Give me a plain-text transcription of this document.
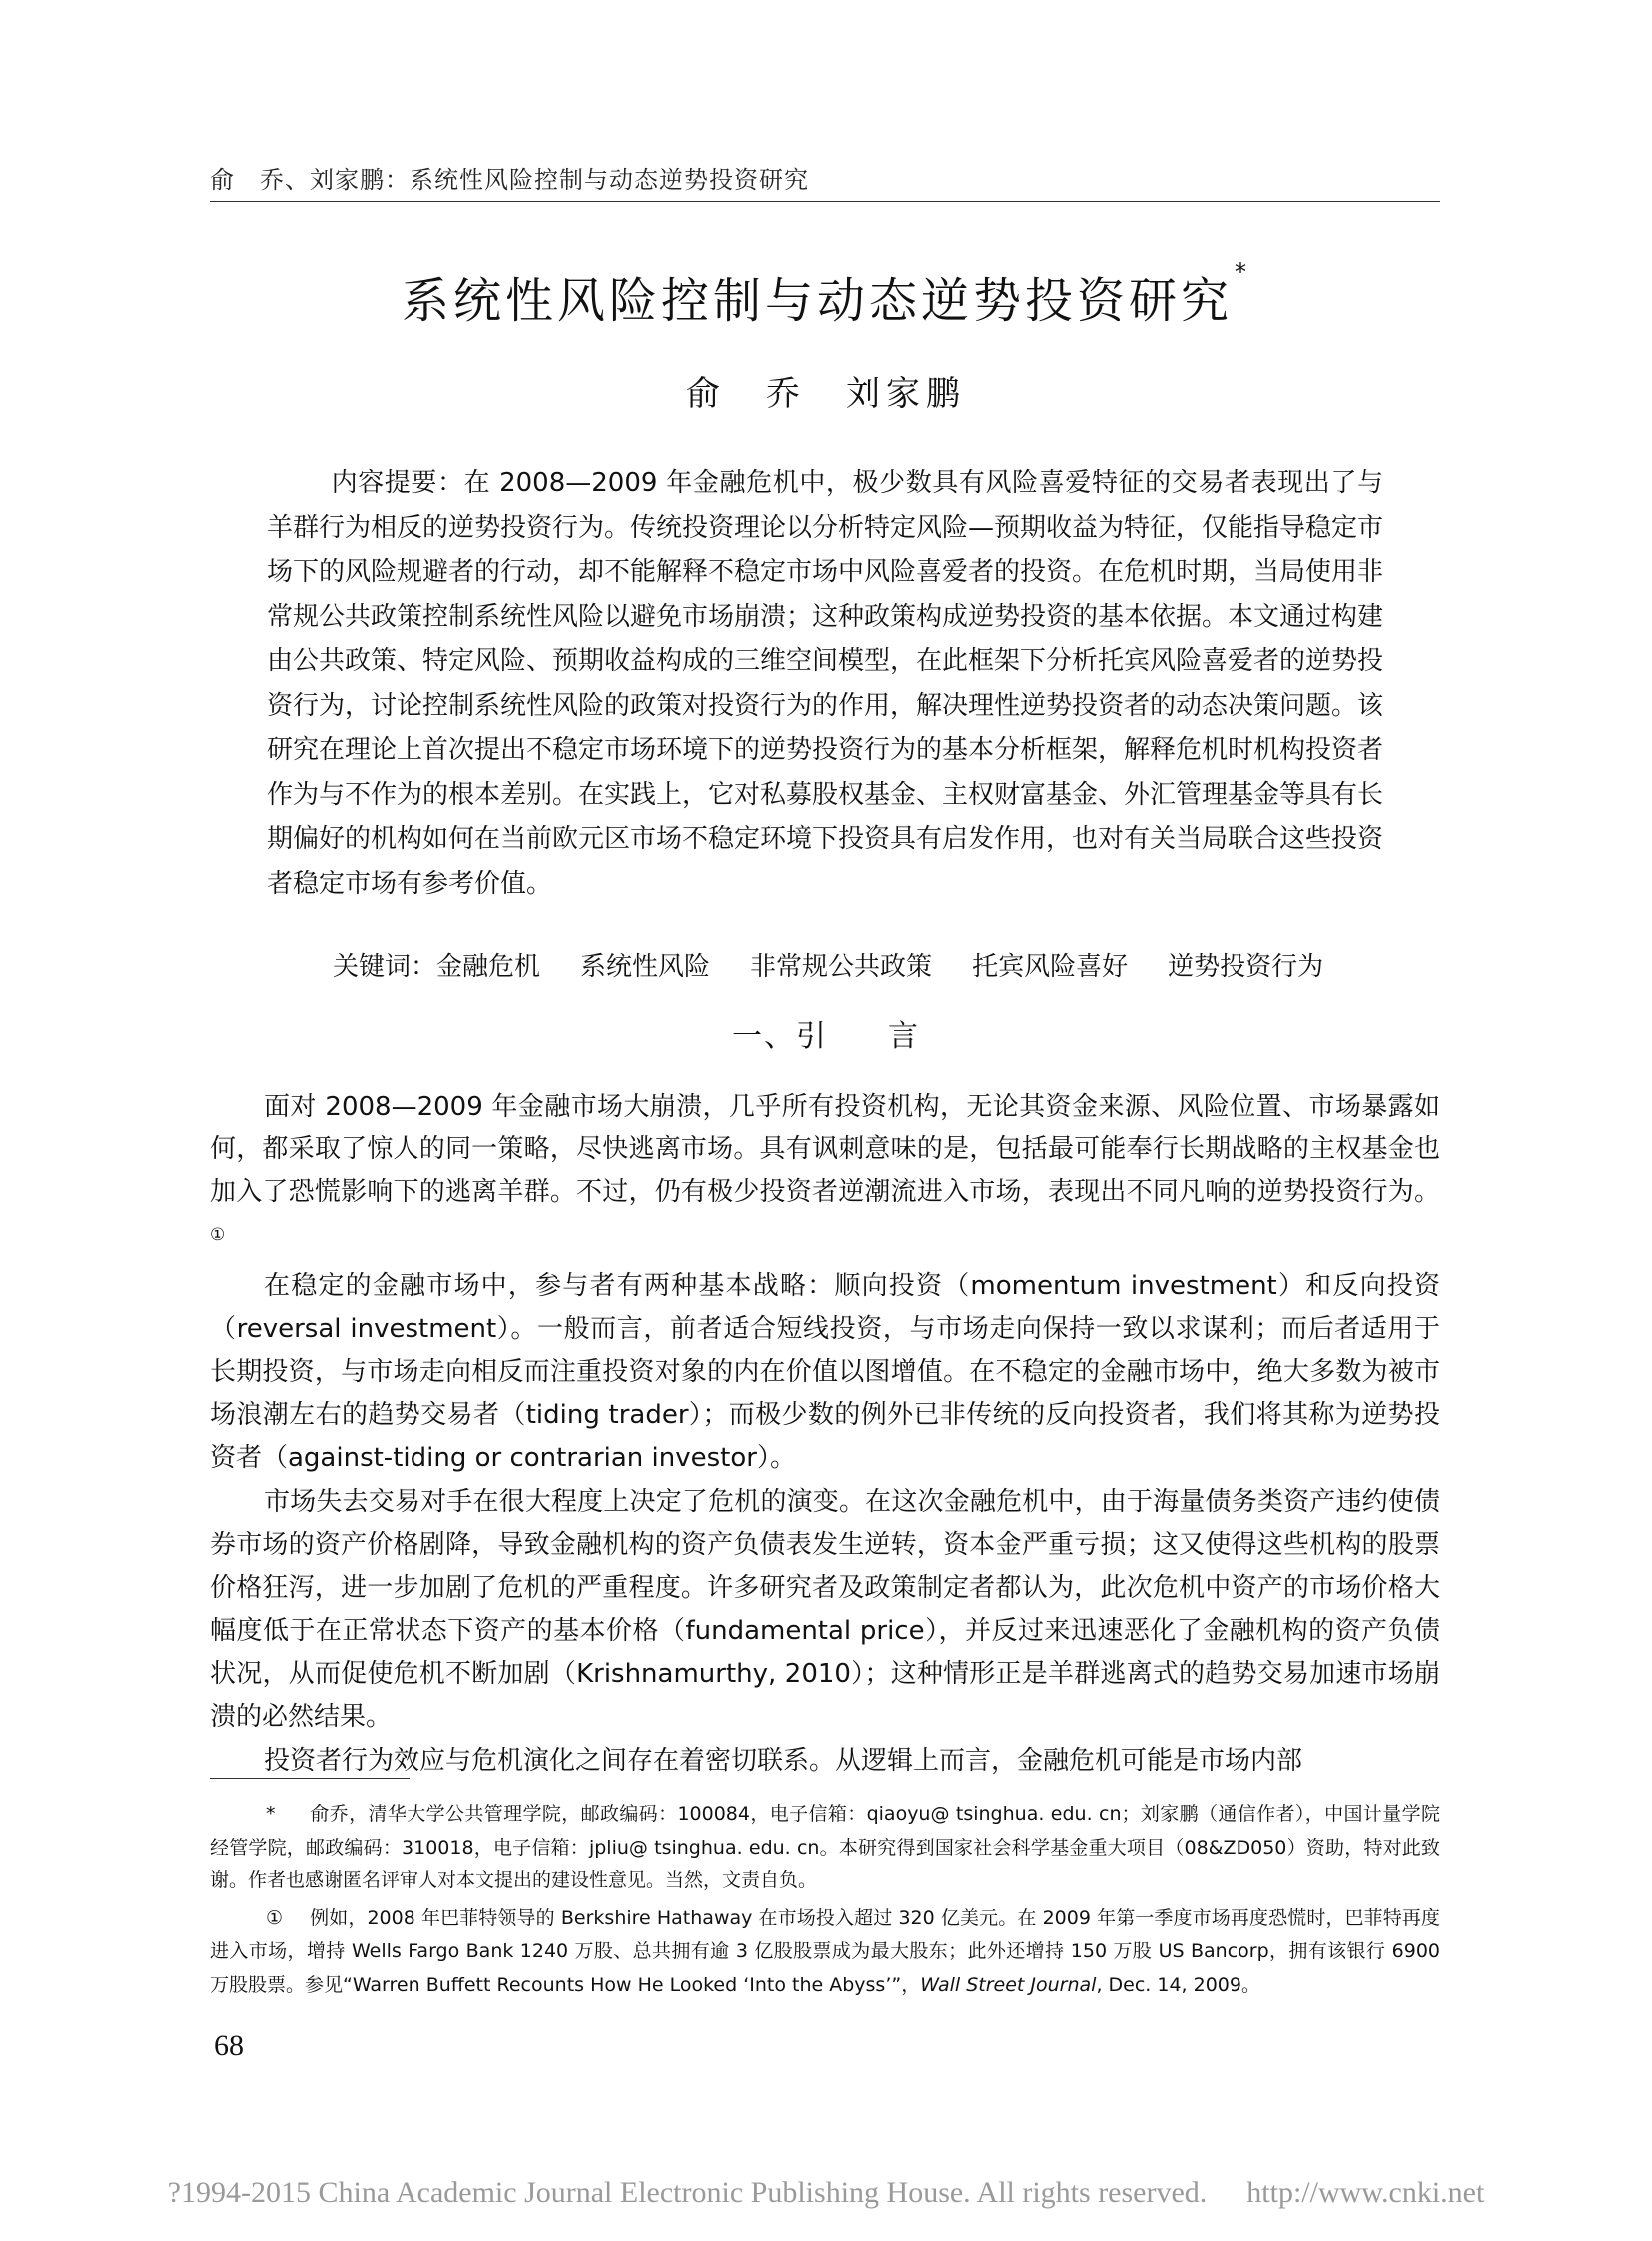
俞　乔、刘家鹏：系统性风险控制与动态逆势投资研究
系统性风险控制与动态逆势投资研究*
俞　乔　刘家鹏
内容提要：在 2008—2009 年金融危机中，极少数具有风险喜爱特征的交易者表现出了与羊群行为相反的逆势投资行为。传统投资理论以分析特定风险—预期收益为特征，仅能指导稳定市场下的风险规避者的行动，却不能解释不稳定市场中风险喜爱者的投资。在危机时期，当局使用非常规公共政策控制系统性风险以避免市场崩溃；这种政策构成逆势投资的基本依据。本文通过构建由公共政策、特定风险、预期收益构成的三维空间模型，在此框架下分析托宾风险喜爱者的逆势投资行为，讨论控制系统性风险的政策对投资行为的作用，解决理性逆势投资者的动态决策问题。该研究在理论上首次提出不稳定市场环境下的逆势投资行为的基本分析框架，解释危机时机构投资者作为与不作为的根本差别。在实践上，它对私募股权基金、主权财富基金、外汇管理基金等具有长期偏好的机构如何在当前欧元区市场不稳定环境下投资具有启发作用，也对有关当局联合这些投资者稳定市场有参考价值。
关键词：金融危机 系统性风险 非常规公共政策 托宾风险喜好 逆势投资行为
一、引 言

面对 2008—2009 年金融市场大崩溃，几乎所有投资机构，无论其资金来源、风险位置、市场暴露如何，都采取了惊人的同一策略，尽快逃离市场。具有讽刺意味的是，包括最可能奉行长期战略的主权基金也加入了恐慌影响下的逃离羊群。不过，仍有极少投资者逆潮流进入市场，表现出不同凡响的逆势投资行为。①

在稳定的金融市场中，参与者有两种基本战略：顺向投资（momentum investment）和反向投资（reversal investment）。一般而言，前者适合短线投资，与市场走向保持一致以求谋利；而后者适用于长期投资，与市场走向相反而注重投资对象的内在价值以图增值。在不稳定的金融市场中，绝大多数为被市场浪潮左右的趋势交易者（tiding trader）；而极少数的例外已非传统的反向投资者，我们将其称为逆势投资者（against-tiding or contrarian investor）。

市场失去交易对手在很大程度上决定了危机的演变。在这次金融危机中，由于海量债务类资产违约使债券市场的资产价格剧降，导致金融机构的资产负债表发生逆转，资本金严重亏损；这又使得这些机构的股票价格狂泻，进一步加剧了危机的严重程度。许多研究者及政策制定者都认为，此次危机中资产的市场价格大幅度低于在正常状态下资产的基本价格（fundamental price），并反过来迅速恶化了金融机构的资产负债状况，从而促使危机不断加剧（Krishnamurthy, 2010）；这种情形正是羊群逃离式的趋势交易加速市场崩溃的必然结果。

投资者行为效应与危机演化之间存在着密切联系。从逻辑上而言，金融危机可能是市场内部

* 俞乔，清华大学公共管理学院，邮政编码：100084，电子信箱：qiaoyu@ tsinghua. edu. cn；刘家鹏（通信作者），中国计量学院经管学院，邮政编码：310018，电子信箱：jpliu@ tsinghua. edu. cn。本研究得到国家社会科学基金重大项目（08&ZD050）资助，特对此致谢。作者也感谢匿名评审人对本文提出的建设性意见。当然，文责自负。

① 例如，2008 年巴菲特领导的 Berkshire Hathaway 在市场投入超过 320 亿美元。在 2009 年第一季度市场再度恐慌时，巴菲特再度进入市场，增持 Wells Fargo Bank 1240 万股、总共拥有逾 3 亿股股票成为最大股东；此外还增持 150 万股 US Bancorp，拥有该银行 6900 万股股票。参见“Warren Buffett Recounts How He Looked ‘Into the Abyss’”，Wall Street Journal, Dec. 14, 2009。

68
?1994-2015 China Academic Journal Electronic Publishing House. All rights reserved. http://www.cnki.net
